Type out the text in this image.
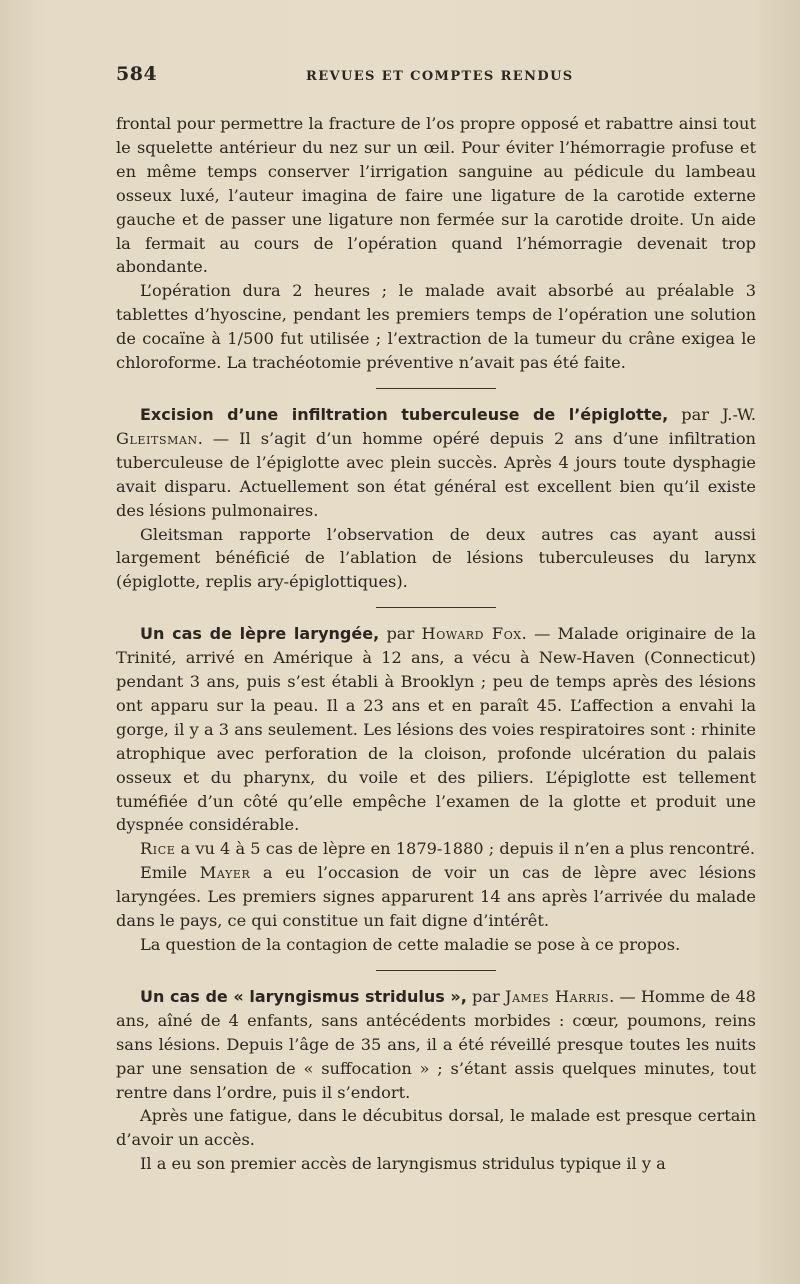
584	REVUES ET COMPTES RENDUS

frontal pour permettre la fracture de l’os propre opposé et rabattre ainsi tout le squelette antérieur du nez sur un œil. Pour éviter l’hémorragie profuse et en même temps conserver l’irrigation sanguine au pédicule du lambeau osseux luxé, l’auteur imagina de faire une ligature de la carotide externe gauche et de passer une ligature non fermée sur la carotide droite. Un aide la fermait au cours de l’opération quand l’hémorragie devenait trop abondante.

L’opération dura 2 heures ; le malade avait absorbé au préalable 3 tablettes d’hyoscine, pendant les premiers temps de l’opération une solution de cocaïne à 1/500 fut utilisée ; l’extraction de la tumeur du crâne exigea le chloroforme. La trachéotomie préventive n’avait pas été faite.

Excision d’une infiltration tuberculeuse de l’épiglotte, par J.-W. Gleitsman. — Il s’agit d’un homme opéré depuis 2 ans d’une infiltration tuberculeuse de l’épiglotte avec plein succès. Après 4 jours toute dysphagie avait disparu. Actuellement son état général est excellent bien qu’il existe des lésions pulmonaires.

Gleitsman rapporte l’observation de deux autres cas ayant aussi largement bénéficié de l’ablation de lésions tuberculeuses du larynx (épiglotte, replis ary-épiglottiques).

Un cas de lèpre laryngée, par Howard Fox. — Malade originaire de la Trinité, arrivé en Amérique à 12 ans, a vécu à New-Haven (Connecticut) pendant 3 ans, puis s’est établi à Brooklyn ; peu de temps après des lésions ont apparu sur la peau. Il a 23 ans et en paraît 45. L’affection a envahi la gorge, il y a 3 ans seulement. Les lésions des voies respiratoires sont : rhinite atrophique avec perforation de la cloison, profonde ulcération du palais osseux et du pharynx, du voile et des piliers. L’épiglotte est tellement tuméfiée d’un côté qu’elle empêche l’examen de la glotte et produit une dyspnée considérable.

Rice a vu 4 à 5 cas de lèpre en 1879-1880 ; depuis il n’en a plus rencontré.

Emile Mayer a eu l’occasion de voir un cas de lèpre avec lésions laryngées. Les premiers signes apparurent 14 ans après l’arrivée du malade dans le pays, ce qui constitue un fait digne d’intérêt.

La question de la contagion de cette maladie se pose à ce propos.

Un cas de « laryngismus stridulus », par James Harris. — Homme de 48 ans, aîné de 4 enfants, sans antécédents morbides : cœur, poumons, reins sans lésions. Depuis l’âge de 35 ans, il a été réveillé presque toutes les nuits par une sensation de « suffocation » ; s’étant assis quelques minutes, tout rentre dans l’ordre, puis il s’endort.

Après une fatigue, dans le décubitus dorsal, le malade est presque certain d’avoir un accès.

Il a eu son premier accès de laryngismus stridulus typique il y a
